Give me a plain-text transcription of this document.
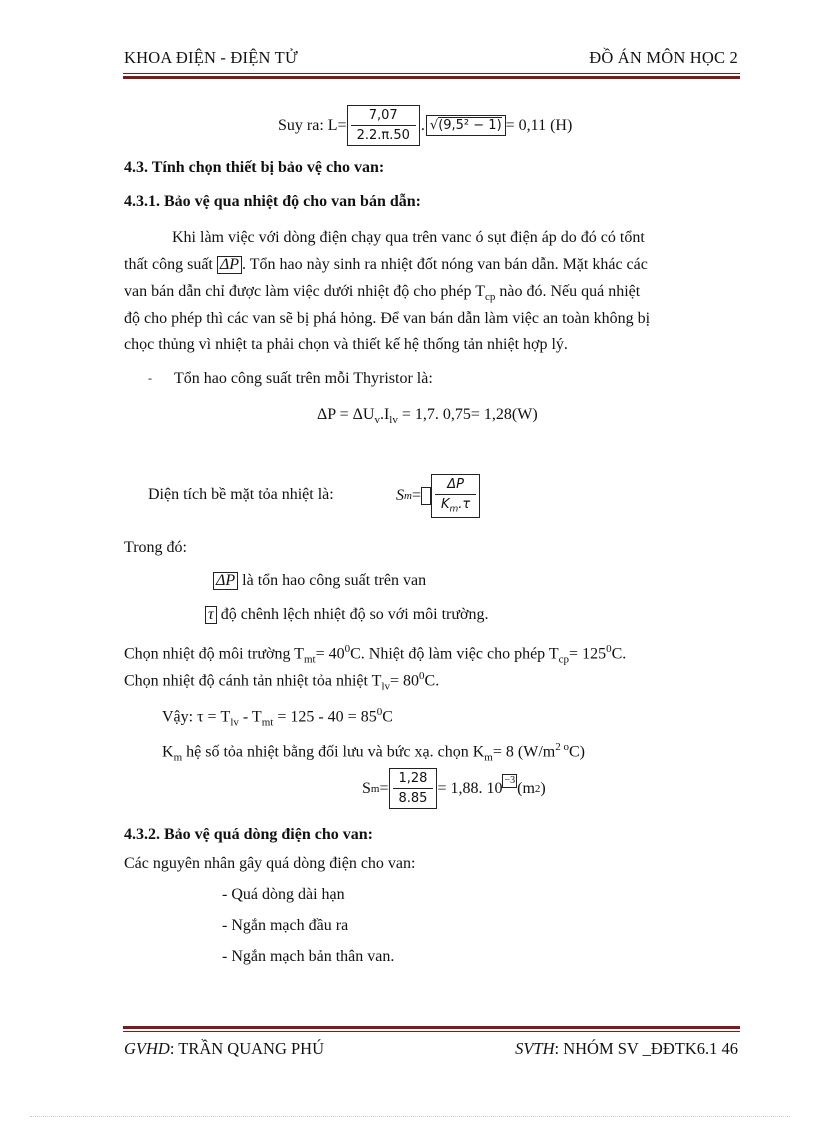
KHOA ĐIỆN - ĐIỆN TỬ	ĐỒ ÁN MÔN HỌC 2
Suy ra: $L= \frac{7,07}{2.2.\pi.50}$ . √(9,5² − 1) = 0,11 (H)
4.3. Tính chọn thiết bị bảo vệ cho van:
4.3.1. Bảo vệ qua nhiệt độ cho van bán dẫn:
Khi làm việc với dòng điện chạy qua trên vanc ó sụt điện áp do đó có tổnt
thất công suất ΔP . Tổn hao này sinh ra nhiệt đốt nóng van bán dẫn. Mặt khác các
van bán dẫn chỉ được làm việc dưới nhiệt độ cho phép $T_{cp}$ nào đó. Nếu quá nhiệt
độ cho phép thì các van sẽ bị phá hỏng. Để van bán dẫn làm việc an toàn không bị
chọc thủng vì nhiệt ta phải chọn và thiết kế hệ thống tản nhiệt hợp lý.
- Tổn hao công suất trên mỗi Thyristor là:
$\Delta P = \Delta U_v.I_{lv} = 1,7$. 0,75= 1,28(W)
Diện tích bề mặt tỏa nhiệt là:	S $m = \frac{\Delta P}{K_m.\tau}$
Trong đó:
ΔP là tổn hao công suất trên van
τ độ chênh lệch nhiệt độ so với môi trường.
Chọn nhiệt độ môi trường $T_{mt}= 40^0C$. Nhiệt độ làm việc cho phép $T_{cp}= 125^0C$.
Chọn nhiệt độ cánh tản nhiệt tỏa nhiệt $T_{lv}= 80^0C$.
Vậy: $\tau = T_{lv} - T_{mt} = 125 - 40 = 85^0C$
$K_m$ hệ số tỏa nhiệt bằng đối lưu và bức xạ. chọn $K_m= 8$ $(W/m^{2 o}C)$
S $m = \frac{1,28}{8.85} = 1,88$. 10 −3 (m 2 )
4.3.2. Bảo vệ quá dòng điện cho van:
Các nguyên nhân gây quá dòng điện cho van:
- Quá dòng dài hạn
- Ngắn mạch đầu ra
- Ngắn mạch bản thân van.
GVHD: TRẦN QUANG PHÚ	SVTH: NHÓM SV _ĐĐTK6.1 46
